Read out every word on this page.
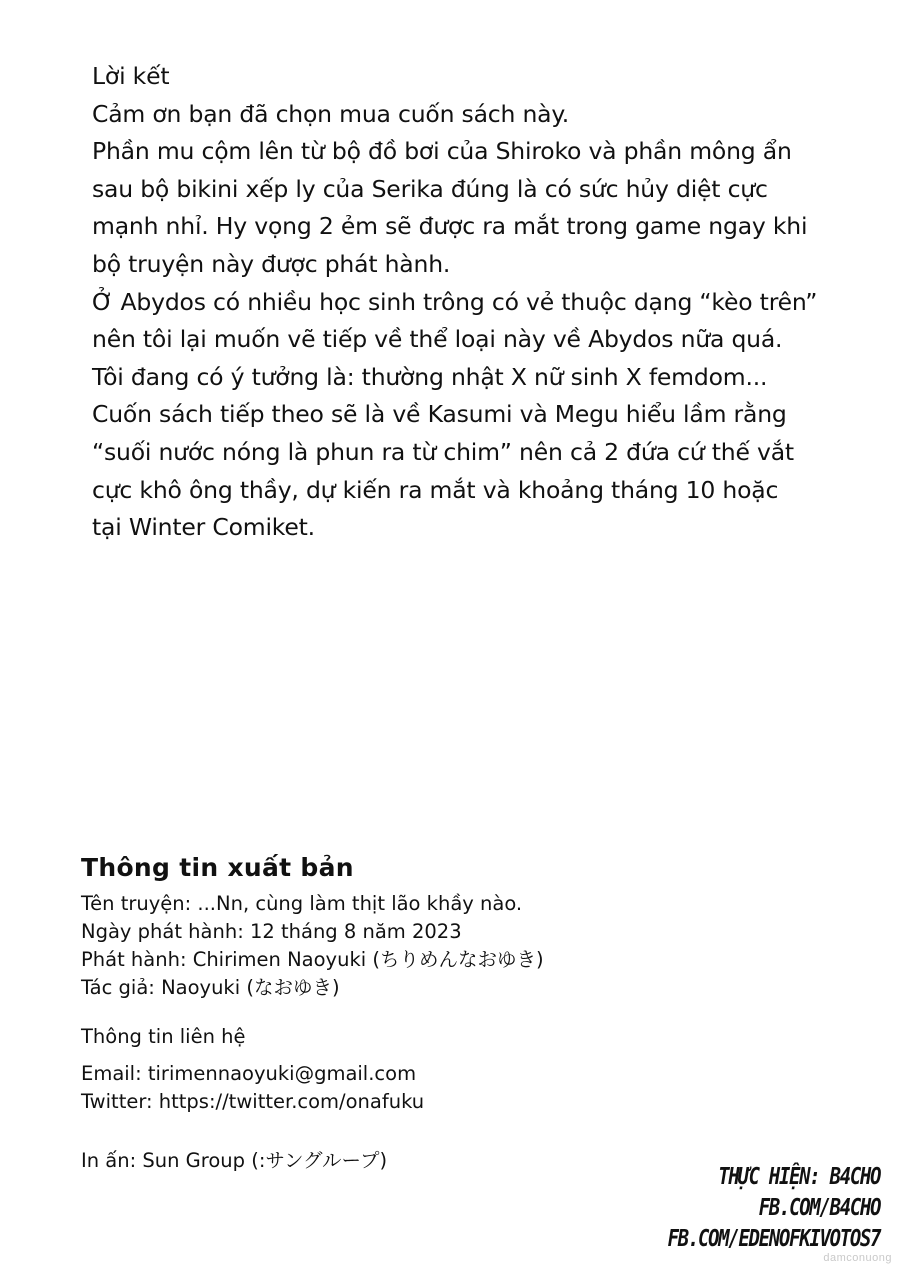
Lời kết
Cảm ơn bạn đã chọn mua cuốn sách này.
Phần mu cộm lên từ bộ đồ bơi của Shiroko và phần mông ẩn
sau bộ bikini xếp ly của Serika đúng là có sức hủy diệt cực
mạnh nhỉ. Hy vọng 2 ẻm sẽ được ra mắt trong game ngay khi
bộ truyện này được phát hành.
Ở Abydos có nhiều học sinh trông có vẻ thuộc dạng “kèo trên”
nên tôi lại muốn vẽ tiếp về thể loại này về Abydos nữa quá.
Tôi đang có ý tưởng là: thường nhật X nữ sinh X femdom...
Cuốn sách tiếp theo sẽ là về Kasumi và Megu hiểu lầm rằng
“suối nước nóng là phun ra từ chim” nên cả 2 đứa cứ thế vắt
cực khô ông thầy, dự kiến ra mắt và khoảng tháng 10 hoặc
tại Winter Comiket.
Thông tin xuất bản
Tên truyện: ...Nn, cùng làm thịt lão khầy nào.
Ngày phát hành: 12 tháng 8 năm 2023
Phát hành: Chirimen Naoyuki (ちりめんなおゆき)
Tác giả: Naoyuki (なおゆき)
Thông tin liên hệ
Email: tirimennaoyuki@gmail.com
Twitter: https://twitter.com/onafuku
In ấn: Sun Group (:サングループ)
THỰC HIỆN: B4CHO
FB.COM/B4CHO
FB.COM/EDENOFKIVOTOS7
damconuong
